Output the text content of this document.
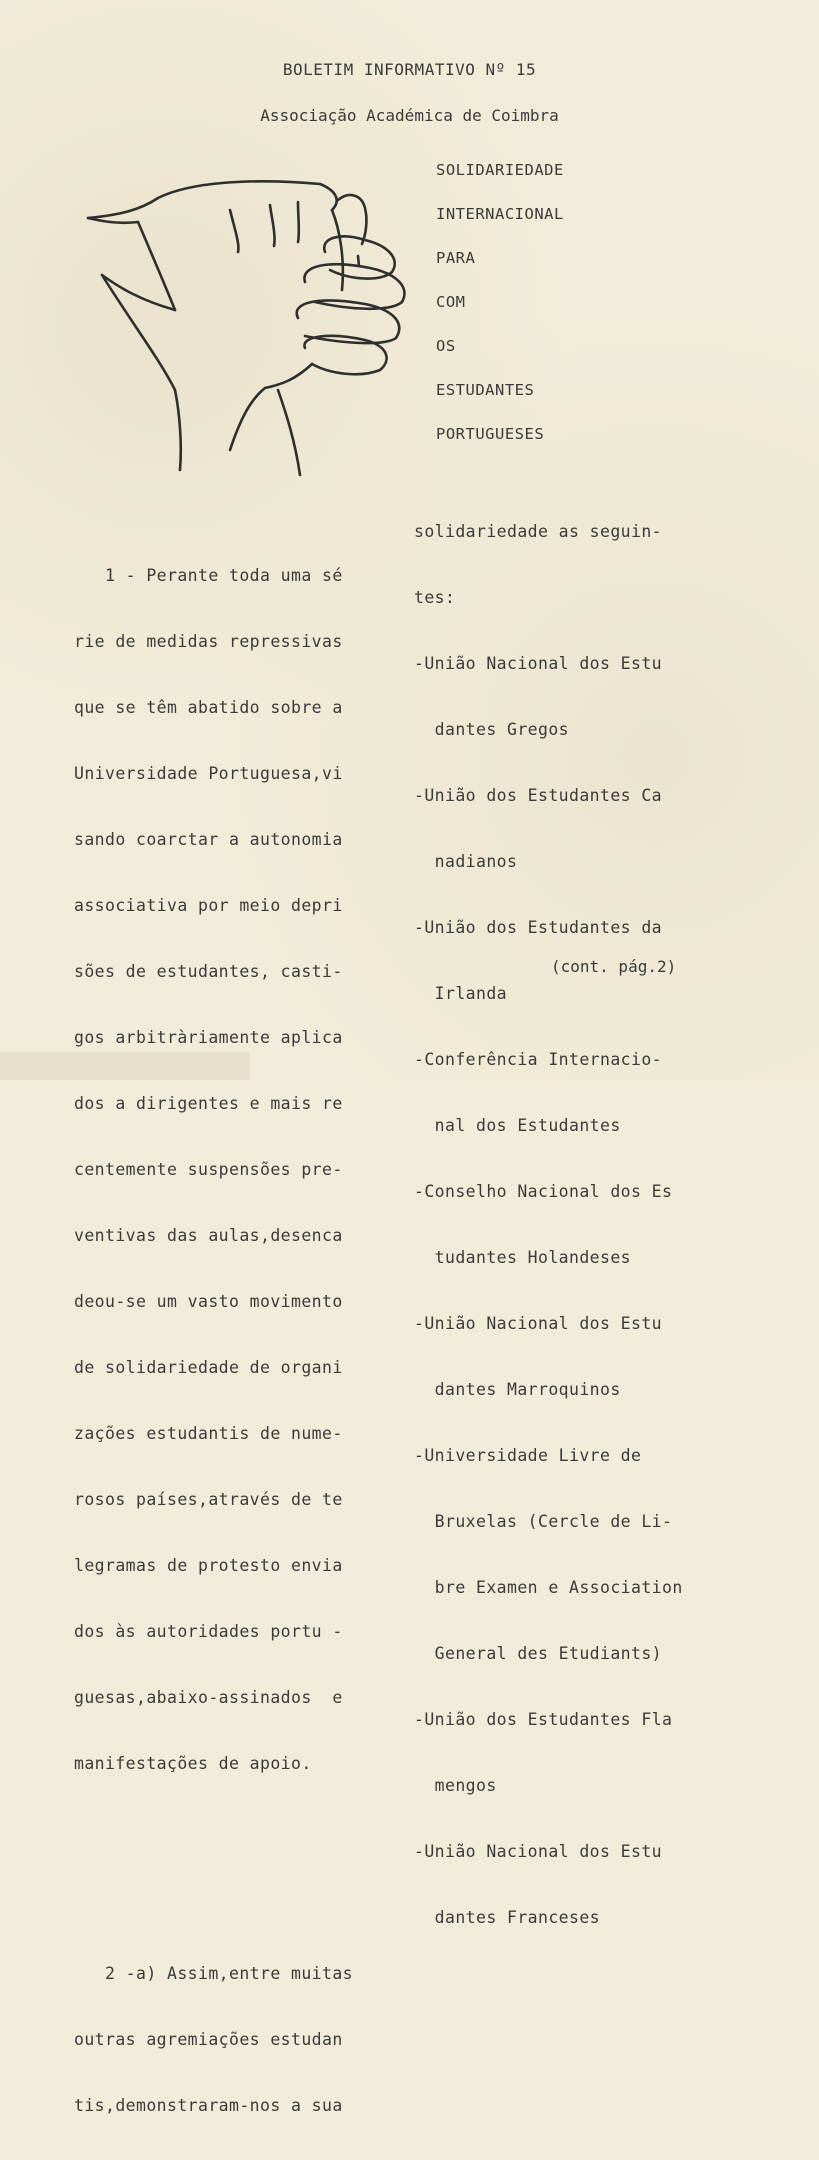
BOLETIM INFORMATIVO Nº 15
Associação Académica de Coimbra
SOLIDARIEDADE
INTERNACIONAL
PARA
COM
OS
ESTUDANTES
PORTUGUESES

1 - Perante toda uma sé

rie de medidas repressivas

que se têm abatido sobre a

Universidade Portuguesa,vi

sando coarctar a autonomia

associativa por meio depri

sões de estudantes, casti-

gos arbitràriamente aplica

dos a dirigentes e mais re

centemente suspensões pre-

ventivas das aulas,desenca

deou-se um vasto movimento

de solidariedade de organi

zações estudantis de nume-

rosos países,através de te

legramas de protesto envia

dos às autoridades portu -

guesas,abaixo-assinados  e

manifestações de apoio.

2 -a) Assim,entre muitas

outras agremiações estudan

tis,demonstraram-nos a sua

solidariedade as seguin-

tes:

-União Nacional dos Estu

dantes Gregos

-União dos Estudantes Ca

nadianos

-União dos Estudantes da

Irlanda

-Conferência Internacio-

nal dos Estudantes

-Conselho Nacional dos Es

tudantes Holandeses

-União Nacional dos Estu

dantes Marroquinos

-Universidade Livre de

Bruxelas (Cercle de Li-

bre Examen e Association

General des Etudiants)

-União dos Estudantes Fla

mengos

-União Nacional dos Estu

dantes Franceses

(cont. pág.2)
